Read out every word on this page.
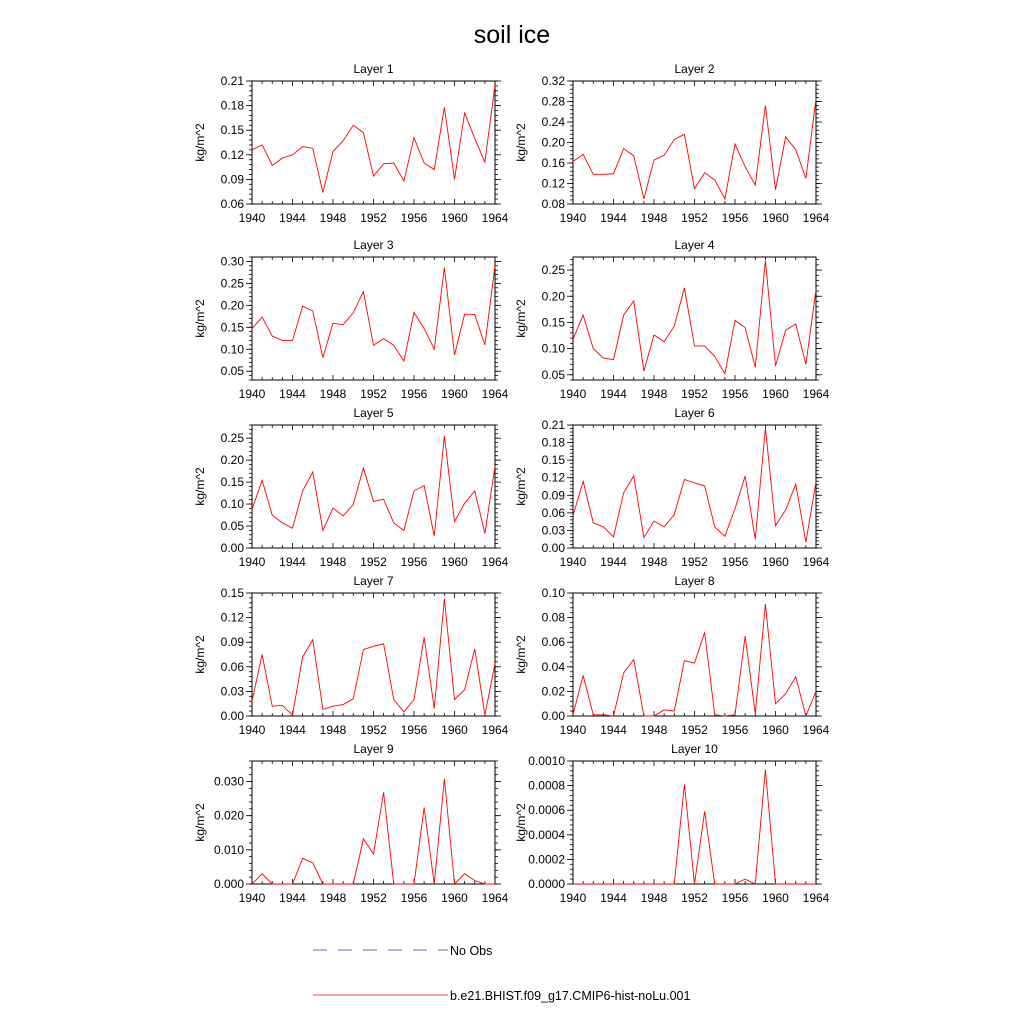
soil ice
Layer 1
1940 1944 1948 1952 1956 1960 1964
0.06
0.09
0.12
0.15
0.18
0.21
kg/m^2
Layer 2
1940 1944 1948 1952 1956 1960 1964
0.08
0.12
0.16
0.20
0.24
0.28
0.32
kg/m^2
Layer 3
1940 1944 1948 1952 1956 1960 1964
0.05
0.10
0.15
0.20
0.25
0.30
kg/m^2
Layer 4
1940 1944 1948 1952 1956 1960 1964
0.05
0.10
0.15
0.20
0.25
kg/m^2
Layer 5
1940 1944 1948 1952 1956 1960 1964
0.00
0.05
0.10
0.15
0.20
0.25
kg/m^2
Layer 6
1940 1944 1948 1952 1956 1960 1964
0.00
0.03
0.06
0.09
0.12
0.15
0.18
0.21
kg/m^2
Layer 7
1940 1944 1948 1952 1956 1960 1964
0.00
0.03
0.06
0.09
0.12
0.15
kg/m^2
Layer 8
1940 1944 1948 1952 1956 1960 1964
0.00
0.02
0.04
0.06
0.08
0.10
kg/m^2
Layer 9
1940 1944 1948 1952 1956 1960 1964
0.000
0.010
0.020
0.030
kg/m^2
Layer 10
1940 1944 1948 1952 1956 1960 1964
0.0000
0.0002
0.0004
0.0006
0.0008
0.0010
kg/m^2
No Obs
b.e21.BHIST.f09_g17.CMIP6-hist-noLu.001
